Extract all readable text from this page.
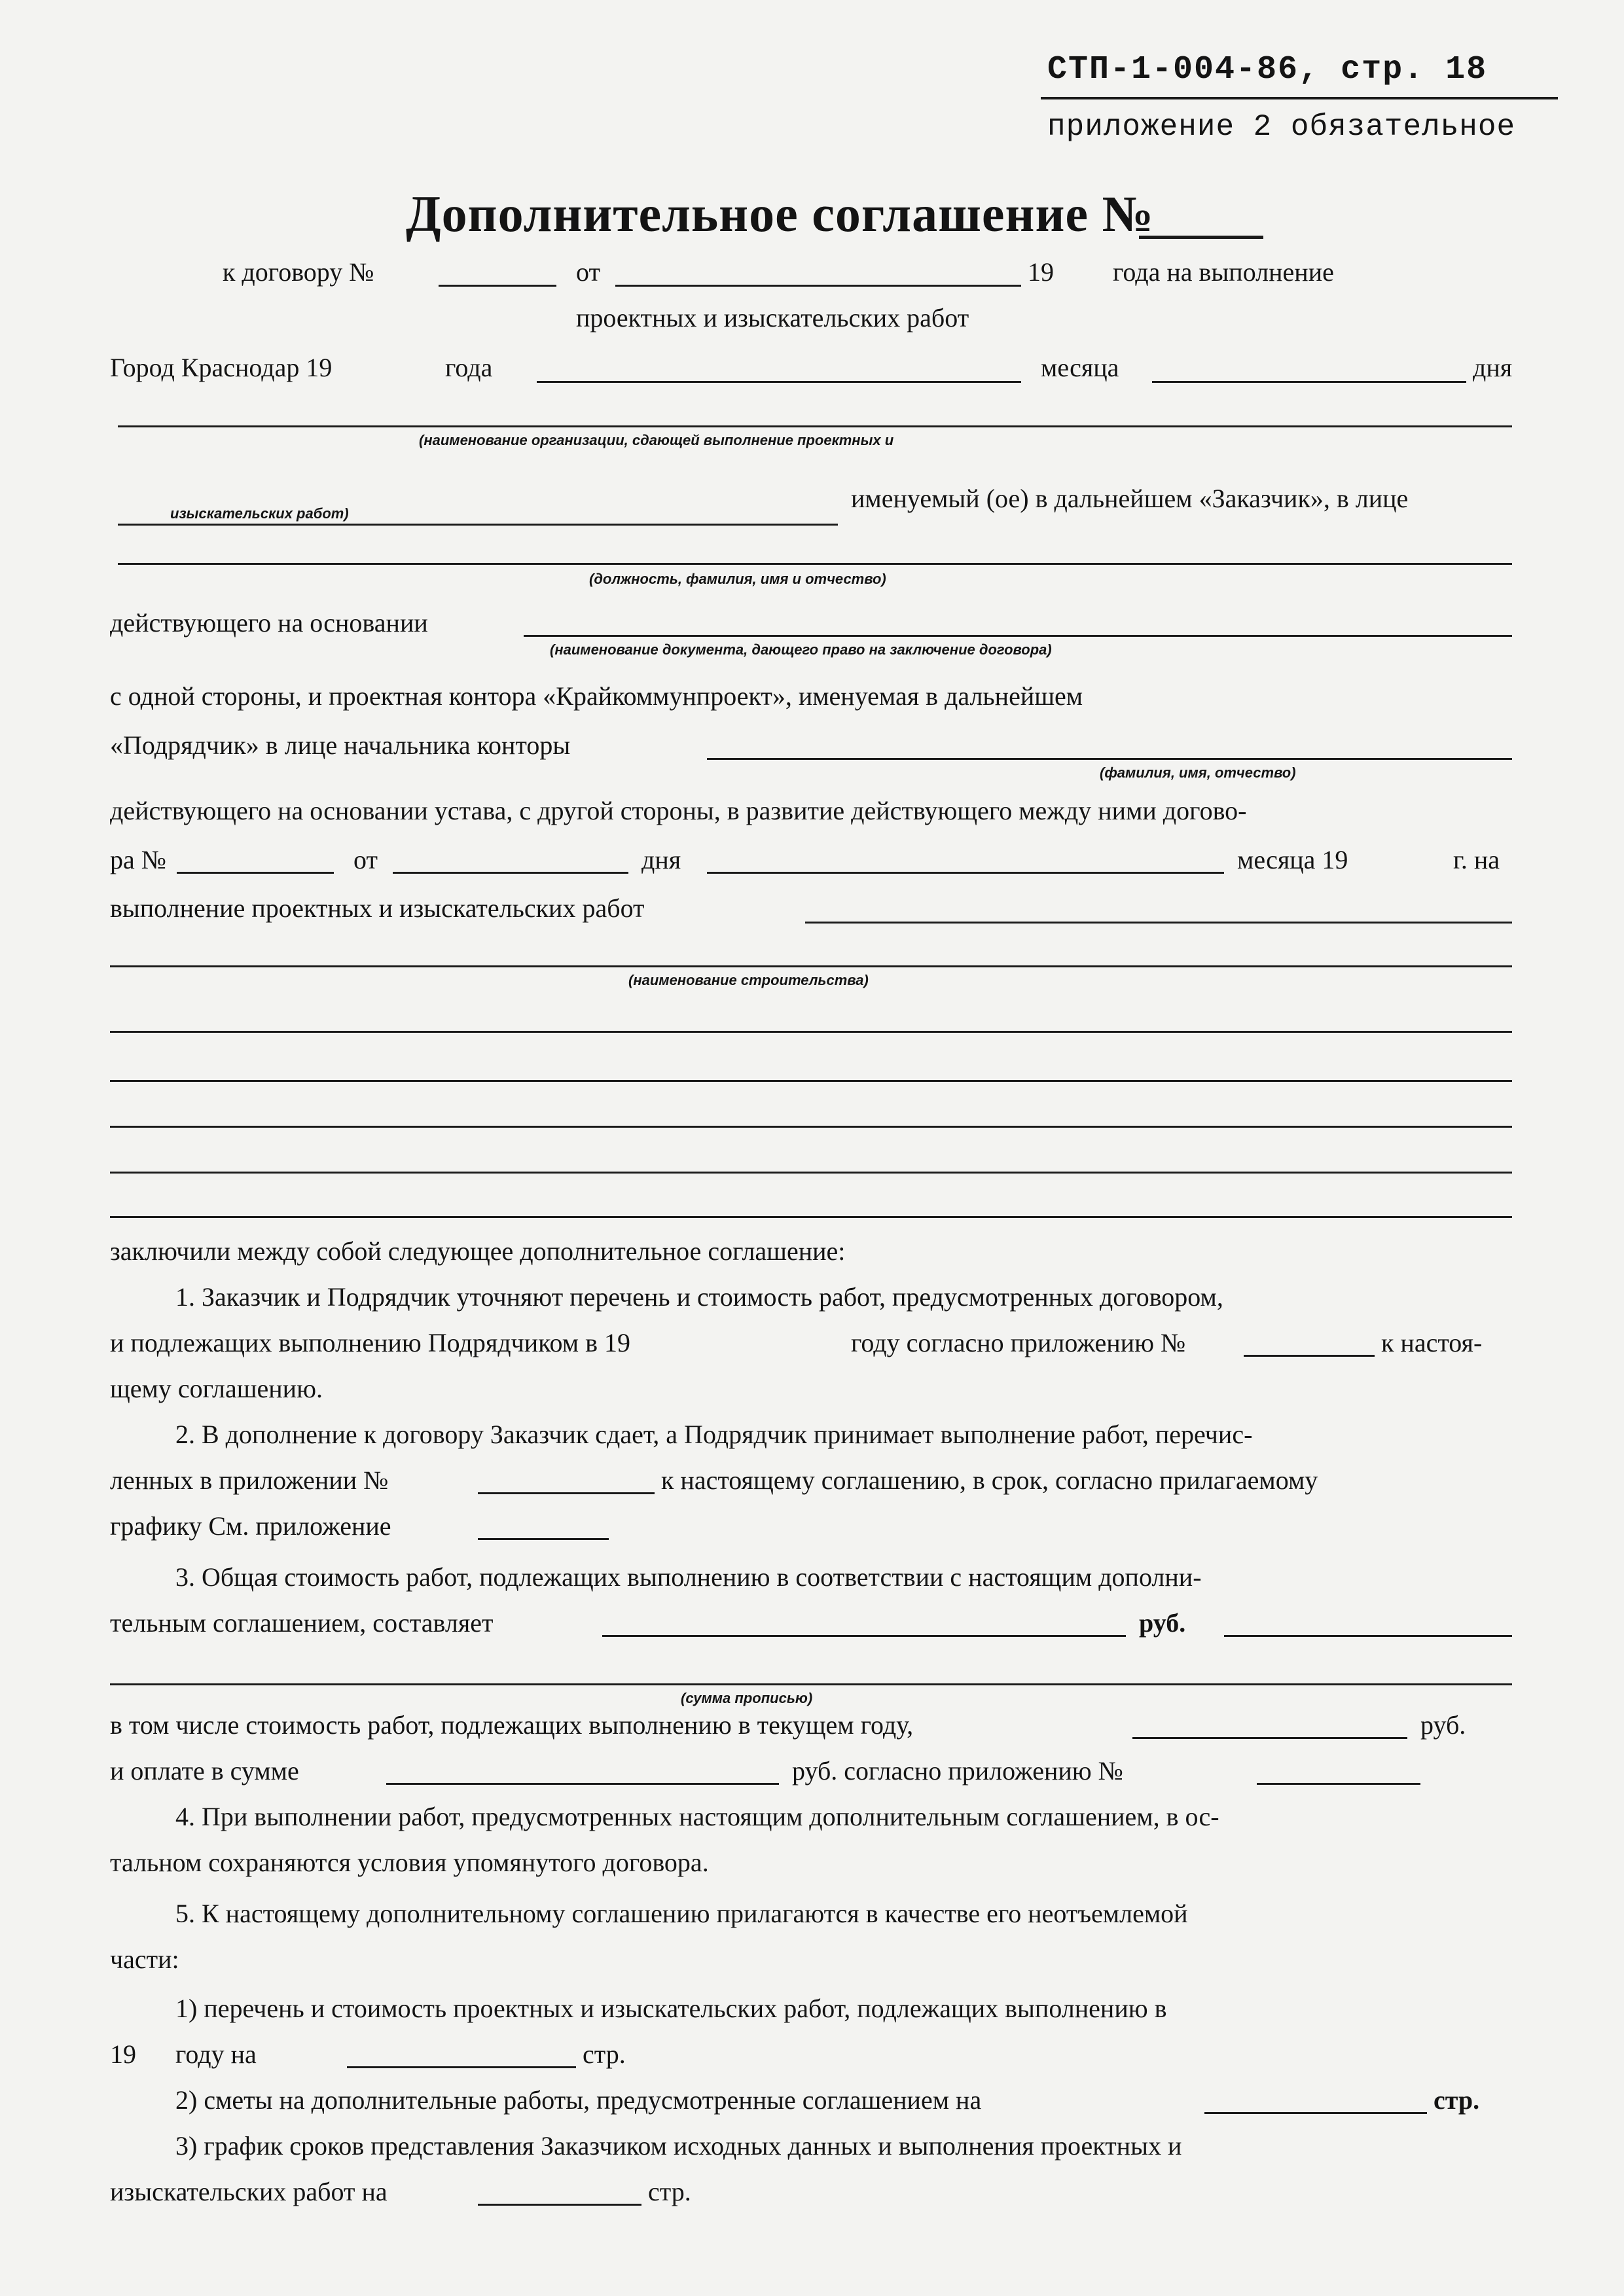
СТП-1-004-86, стр. 18
приложение 2 обязательное
Дополнительное соглашение №
к договору №	от	19 года на выполнение
проектных и изыскательских работ
Город Краснодар 19	года	месяца	дня
(наименование организации, сдающей выполнение проектных и
именуемый (ое) в дальнейшем «Заказчик», в лице
изыскательских работ)
(должность, фамилия, имя и отчество)
действующего на основании
(наименование документа, дающего право на заключение договора)
с одной стороны, и проектная контора «Крайкоммунпроект», именуемая в дальнейшем
«Подрядчик» в лице начальника конторы
(фамилия, имя, отчество)
действующего на основании устава, с другой стороны, в развитие действующего между ними догово-
ра №	от	дня	месяца 19	г. на
выполнение проектных и изыскательских работ
(наименование строительства)
заключили между собой следующее дополнительное соглашение:
1. Заказчик и Подрядчик уточняют перечень и стоимость работ, предусмотренных договором,
и подлежащих выполнению Подрядчиком в 19	году согласно приложению №	к настоя-
щему соглашению.
2. В дополнение к договору Заказчик сдает, а Подрядчик принимает выполнение работ, перечис-
ленных в приложении №	к настоящему соглашению, в срок, согласно прилагаемому
графику См. приложение
3. Общая стоимость работ, подлежащих выполнению в соответствии с настоящим дополни-
тельным соглашением, составляет	руб.
(сумма прописью)
в том числе стоимость работ, подлежащих выполнению в текущем году,	руб.
и оплате в сумме	руб. согласно приложению №
4. При выполнении работ, предусмотренных настоящим дополнительным соглашением, в ос-
тальном сохраняются условия упомянутого договора.
5. К настоящему дополнительному соглашению прилагаются в качестве его неотъемлемой
части:
1) перечень и стоимость проектных и изыскательских работ, подлежащих выполнению в
19 году на	стр.
2) сметы на дополнительные работы, предусмотренные соглашением на	стр.
3) график сроков представления Заказчиком исходных данных и выполнения проектных и
изыскательских работ на	стр.
